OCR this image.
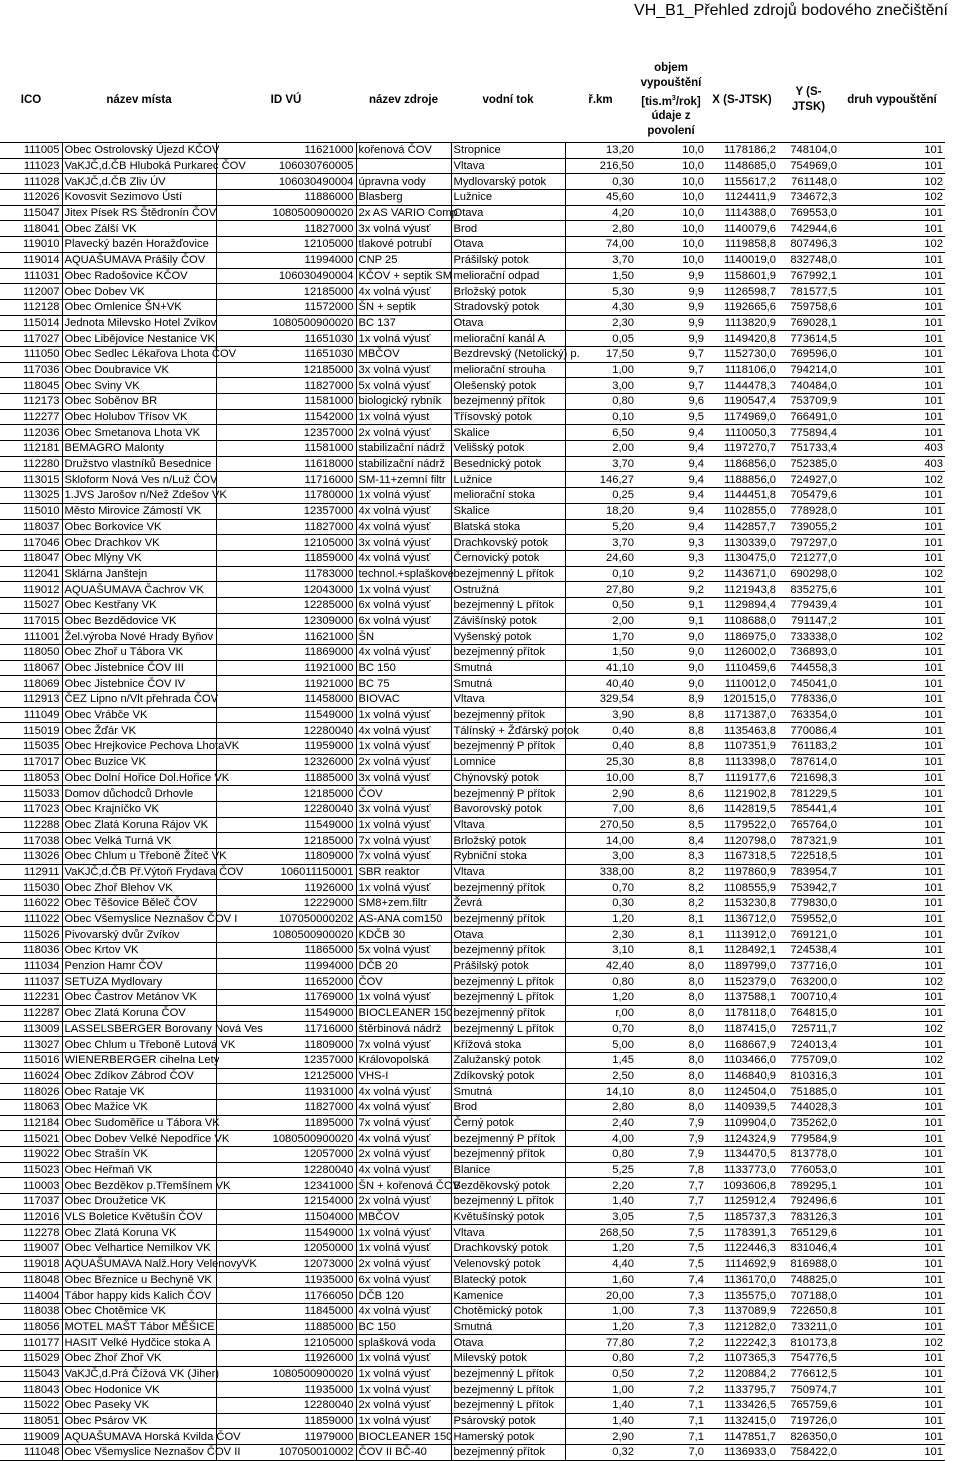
VH_B1_Přehled zdrojů bodového znečištění
ICO	název místa	ID VÚ	název zdroje	vodní tok	ř.km	objem vypouštění
$[tis.m^3/rok]$ údaje z povolení	X (S-JTSK)	Y (S-JTSK)	druh vypouštění
111005	Obec Ostrolovský Újezd KČOV	11621000	kořenová ČOV	Stropnice	13,20	10,0	1178186,2	748104,0	101
111023	VaKJČ,d.ČB Hluboká Purkarec ČOV	106030760005		Vltava	216,50	10,0	1148685,0	754969,0	101
111028	VaKJČ,d.ČB Zliv ÚV	106030490004	úpravna vody	Mydlovarský potok	0,30	10,0	1155617,2	761148,0	102
112026	Kovosvit Sezimovo Ústí	11886000	Blasberg	Lužnice	45,60	10,0	1124411,9	734672,3	102
115047	Jitex Písek RS Štědronín ČOV	1080500900020	2x AS VARIO Comp	Otava	4,20	10,0	1114388,0	769553,0	101
118041	Obec Zálší VK	11827000	3x volná výusť	Brod	2,80	10,0	1140079,6	742944,6	101
119010	Plavecký bazén Horažďovice	12105000	tlakové potrubí	Otava	74,00	10,0	1119858,8	807496,3	102
119014	AQUAŠUMAVA Prášily ČOV	11994000	CNP 25	Prášilský potok	3,70	10,0	1140019,0	832748,0	101
111031	Obec Radošovice KČOV	106030490004	KČOV + septik SM	meliorační odpad	1,50	9,9	1158601,9	767992,1	101
112007	Obec Dobev VK	12185000	4x volná výusť	Brložský potok	5,30	9,9	1126598,7	781577,5	101
112128	Obec Omlenice ŠN+VK	11572000	ŠN + septik	Stradovský potok	4,30	9,9	1192665,6	759758,6	101
115014	Jednota Milevsko Hotel Zvíkov	1080500900020	BC 137	Otava	2,30	9,9	1113820,9	769028,1	101
117027	Obec Libějovice Nestanice VK	11651030	1x volná výusť	meliorační kanál A	0,05	9,9	1149420,8	773614,5	101
111050	Obec Sedlec Lékařova Lhota ČOV	11651030	MBČOV	Bezdrevský (Netolický) p.	17,50	9,7	1152730,0	769596,0	101
117036	Obec Doubravice VK	12185000	3x volná výusť	meliorační strouha	1,00	9,7	1118106,0	794214,0	101
118045	Obec Sviny VK	11827000	5x volná výusť	Olešenský potok	3,00	9,7	1144478,3	740484,0	101
112173	Obec Soběnov BR	11581000	biologický rybník	bezejmenný přítok	0,80	9,6	1190547,4	753709,9	101
112277	Obec Holubov Třísov VK	11542000	1x volná výust	Třísovský potok	0,10	9,5	1174969,0	766491,0	101
112036	Obec Smetanova Lhota VK	12357000	2x volná výusť	Skalice	6,50	9,4	1110050,3	775894,4	101
112181	BEMAGRO Malonty	11581000	stabilizační nádrž	Velišský potok	2,00	9,4	1197270,7	751733,4	403
112280	Družstvo vlastníků Besednice	11618000	stabilizační nádrž	Besednický potok	3,70	9,4	1186856,0	752385,0	403
113015	Skloform Nová Ves n/Luž ČOV	11716000	SM-11+zemní filtr	Lužnice	146,27	9,4	1188856,0	724927,0	102
113025	1.JVS Jarošov n/Než Zdešov VK	11780000	1x volná výusť	meliorační stoka	0,25	9,4	1144451,8	705479,6	101
115010	Město Mirovice Zámostí VK	12357000	4x volná výusť	Skalice	18,20	9,4	1102855,0	778928,0	101
118037	Obec Borkovice VK	11827000	4x volná výusť	Blatská stoka	5,20	9,4	1142857,7	739055,2	101
117046	Obec Drachkov VK	12105000	3x volná výusť	Drachkovský potok	3,70	9,3	1130339,0	797297,0	101
118047	Obec Mlýny VK	11859000	4x volná výusť	Černovický potok	24,60	9,3	1130475,0	721277,0	101
112041	Sklárna Janštejn	11783000	technol.+splaškové	bezejmenný L přítok	0,10	9,2	1143671,0	690298,0	102
119012	AQUAŠUMAVA Čachrov VK	12043000	1x volná výusť	Ostružná	27,80	9,2	1121943,8	835275,6	101
115027	Obec Kestřany VK	12285000	6x volná výusť	bezejmenný L přítok	0,50	9,1	1129894,4	779439,4	101
117015	Obec Bezdědovice VK	12309000	6x volná výusť	Závišínský potok	2,00	9,1	1108688,0	791147,2	101
111001	Žel.výroba Nové Hrady Byňov	11621000	ŠN	Vyšenský potok	1,70	9,0	1186975,0	733338,0	102
118050	Obec Zhoř u Tábora VK	11869000	4x volná výusť	bezejmenný přítok	1,50	9,0	1126002,0	736893,0	101
118067	Obec Jistebnice ČOV III	11921000	BC 150	Smutná	41,10	9,0	1110459,6	744558,3	101
118069	Obec Jistebnice ČOV IV	11921000	BC 75	Smutná	40,40	9,0	1110012,0	745041,0	101
112913	ČEZ Lipno n/Vlt přehrada ČOV	11458000	BIOVAC	Vltava	329,54	8,9	1201515,0	778336,0	101
111049	Obec Vrábče VK	11549000	1x volná výusť	bezejmenný přítok	3,90	8,8	1171387,0	763354,0	101
115019	Obec Žďár VK	12280040	4x volná výusť	Tálínský + Žďárský potok	0,40	8,8	1135463,8	770086,4	101
115035	Obec Hrejkovice Pechova LhotaVK	11959000	1x volná výusť	bezejmenný P přítok	0,40	8,8	1107351,9	761183,2	101
117017	Obec Buzice VK	12326000	2x volná výusť	Lomnice	25,30	8,8	1113398,0	787614,0	101
118053	Obec Dolní Hořice Dol.Hořice VK	11885000	3x volná výusť	Chýnovský potok	10,00	8,7	1119177,6	721698,3	101
115033	Domov důchodců Drhovle	12185000	ČOV	bezejmenný P přítok	2,90	8,6	1121902,8	781229,5	101
117023	Obec Krajníčko VK	12280040	3x volná výusť	Bavorovský potok	7,00	8,6	1142819,5	785441,4	101
112288	Obec Zlatá Koruna Rájov VK	11549000	1x volná výusť	Vltava	270,50	8,5	1179522,0	765764,0	101
117038	Obec Velká Turná VK	12185000	7x volná výusť	Brložský potok	14,00	8,4	1120798,0	787321,9	101
113026	Obec Chlum u Třeboně Žíteč VK	11809000	7x volná výusť	Rybniční stoka	3,00	8,3	1167318,5	722518,5	101
112911	VaKJČ,d.ČB Př.Výtoň Frydava ČOV	106011150001	SBR reaktor	Vltava	338,00	8,2	1197860,9	783954,7	101
115030	Obec Zhoř Blehov VK	11926000	1x volná výusť	bezejmenný přítok	0,70	8,2	1108555,9	753942,7	101
116022	Obec Těšovice Běleč ČOV	12229000	SM8+zem.filtr	Ževrá	0,30	8,2	1153230,8	779830,0	101
111022	Obec Všemyslice Neznašov ČOV I	107050000202	AS-ANA com150	bezejmenný přítok	1,20	8,1	1136712,0	759552,0	101
115026	Pivovarský dvůr Zvíkov	1080500900020	KDČB 30	Otava	2,30	8,1	1113912,0	769121,0	101
118036	Obec Krtov VK	11865000	5x volná výusť	bezejmenný přítok	3,10	8,1	1128492,1	724538,4	101
111034	Penzion Hamr ČOV	11994000	DČB 20	Prášilský potok	42,40	8,0	1189799,0	737716,0	101
111037	SETUZA Mydlovary	11652000	ČOV	bezejmenný L přítok	0,80	8,0	1152379,0	763200,0	102
112231	Obec Častrov Metánov VK	11769000	1x volná výusť	bezejmenný L přítok	1,20	8,0	1137588,1	700710,4	101
112287	Obec Zlatá Koruna ČOV	11549000	BIOCLEANER 150	bezejmenný přítok	r,00	8,0	1178118,0	764815,0	101
113009	LASSELSBERGER Borovany Nová Ves	11716000	štěrbinová nádrž	bezejmenný L přítok	0,70	8,0	1187415,0	725711,7	102
113027	Obec Chlum u Třeboně Lutová VK	11809000	7x volná výusť	Křížová stoka	5,00	8,0	1168667,9	724013,4	101
115016	WIENERBERGER cihelna Lety	12357000	Královopolská	Zalužanský potok	1,45	8,0	1103466,0	775709,0	102
116024	Obec Zdíkov Zábrod ČOV	12125000	VHS-I	Zdíkovský potok	2,50	8,0	1146840,9	810316,3	101
118026	Obec Rataje VK	11931000	4x volná výusť	Smutná	14,10	8,0	1124504,0	751885,0	101
118063	Obec Mažice VK	11827000	4x volná výusť	Brod	2,80	8,0	1140939,5	744028,3	101
112184	Obec Sudoměřice u Tábora VK	11895000	7x volná výusť	Černý potok	2,40	7,9	1109904,0	735262,0	101
115021	Obec Dobev Velké Nepodřice VK	1080500900020	4x volná výusť	bezejmenný P přítok	4,00	7,9	1124324,9	779584,9	101
119022	Obec Strašín VK	12057000	2x volná výusť	bezejmenný přítok	0,80	7,9	1134470,5	813778,0	101
115023	Obec Heřmaň VK	12280040	4x volná výusť	Blanice	5,25	7,8	1133773,0	776053,0	101
110003	Obec Bezděkov p.Třemšínem VK	12341000	ŠN + kořenová ČOV	Bezděkovský potok	2,20	7,7	1093606,8	789295,1	101
117037	Obec Droužetice VK	12154000	2x volná výusť	bezejmenný L přítok	1,40	7,7	1125912,4	792496,6	101
112016	VLS Boletice Květušín ČOV	11504000	MBČOV	Květušínský potok	3,05	7,5	1185737,3	783126,3	101
112278	Obec Zlatá Koruna VK	11549000	1x volná výusť	Vltava	268,50	7,5	1178391,3	765129,6	101
119007	Obec Velhartice Nemilkov VK	12050000	1x volná výusť	Drachkovský potok	1,20	7,5	1122446,3	831046,4	101
119018	AQUAŠUMAVA Nalž.Hory VelenovyVK	12073000	2x volná výusť	Velenovský potok	4,40	7,5	1114692,9	816988,0	101
118048	Obec Březnice u Bechyně VK	11935000	6x volná výusť	Blatecký potok	1,60	7,4	1136170,0	748825,0	101
114004	Tábor happy kids Kalich ČOV	11766050	DČB 120	Kamenice	20,00	7,3	1135575,0	707188,0	101
118038	Obec Chotěmice VK	11845000	4x volná výusť	Chotěmický potok	1,00	7,3	1137089,9	722650,8	101
118056	MOTEL MAŠT Tábor MĚŠICE	11885000	BC 150	Smutná	1,20	7,3	1121282,0	733211,0	101
110177	HASIT Velké Hydčice stoka A	12105000	splašková voda	Otava	77,80	7,2	1122242,3	810173,8	102
115029	Obec Zhoř Zhoř VK	11926000	1x volná výusť	Milevský potok	0,80	7,2	1107365,3	754776,5	101
115043	VaKJČ,d.Prá Čížová VK (Jiher)	1080500900020	1x volná výusť	bezejmenný L přítok	0,50	7,2	1120884,2	776612,5	101
118043	Obec Hodonice VK	11935000	1x volná výusť	bezejmenný L přítok	1,00	7,2	1133795,7	750974,7	101
115022	Obec Paseky VK	12280040	2x volná výusť	bezejmenný L přítok	1,40	7,1	1133426,5	765759,6	101
118051	Obec Psárov VK	11859000	1x volná výusť	Psárovský potok	1,40	7,1	1132415,0	719726,0	101
119009	AQUAŠUMAVA Horská Kvilda ČOV	11979000	BIOCLEANER 150	Hamerský potok	2,90	7,1	1147851,7	826350,0	101
111048	Obec Všemyslice Neznašov ČOV II	107050010002	ČOV II BČ-40	bezejmenný přítok	0,32	7,0	1136933,0	758422,0	101
